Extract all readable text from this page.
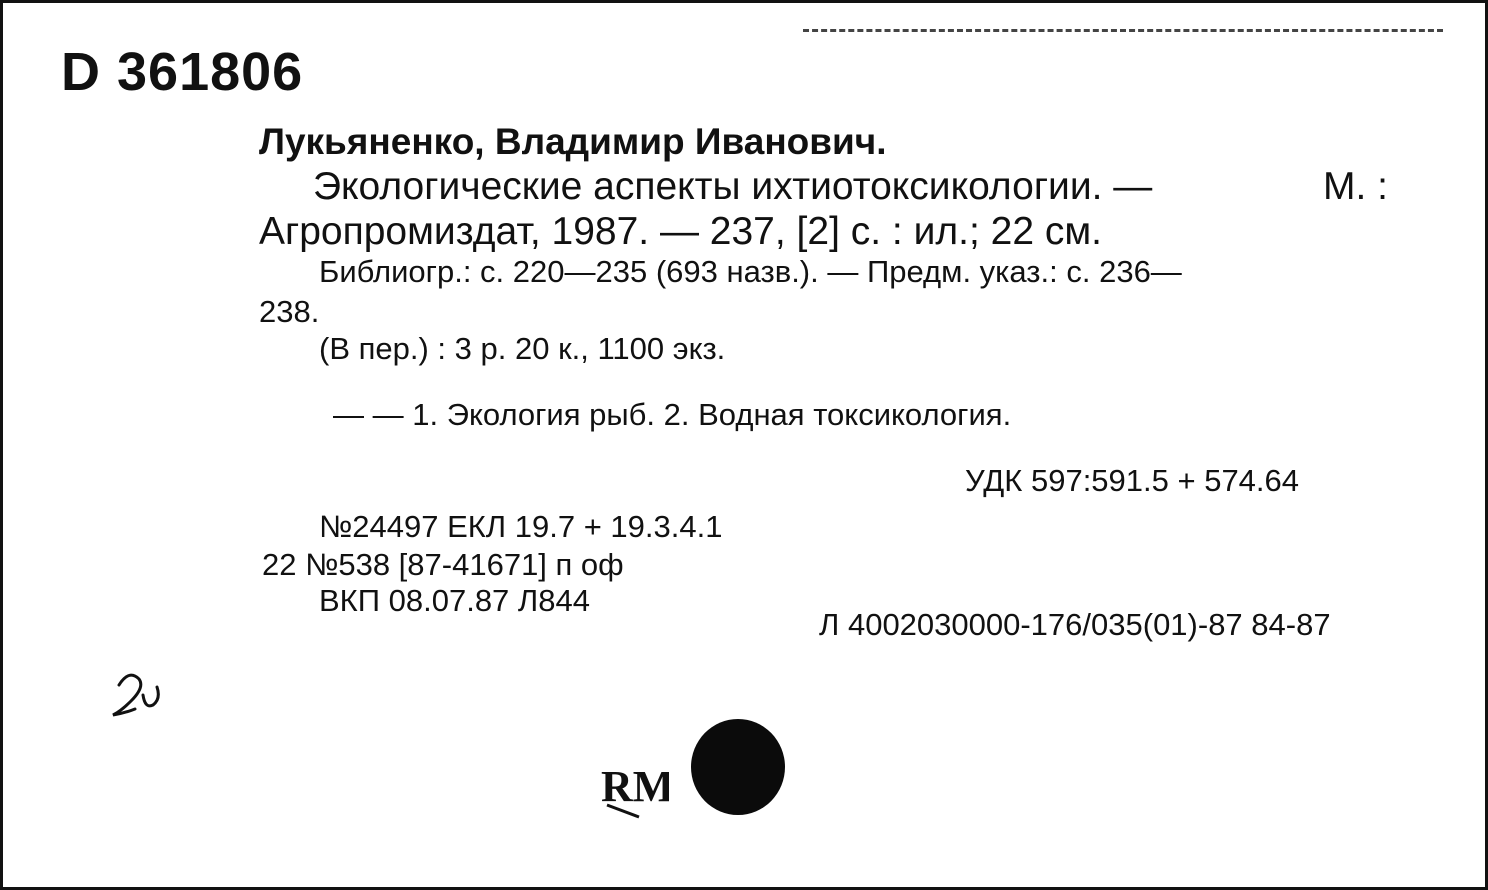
D 361806
Лукьяненко, Владимир Иванович.
Экологические аспекты ихтиотоксикологии. —	М. :
Агропромиздат, 1987. — 237, [2] с. : ил.; 22 см.
Библиогр.: с. 220—235 (693 назв.). — Предм. указ.: с. 236—
238.
(В пер.) : 3 р. 20 к., 1100 экз.
— — 1. Экология рыб. 2. Водная токсикология.
УДК 597:591.5 + 574.64
№24497 ЕКЛ 19.7 + 19.3.4.1
22 №538 [87-41671] п оф
ВКП 08.07.87 Л844
Л 4002030000-176/035(01)-87 84-87
RM
